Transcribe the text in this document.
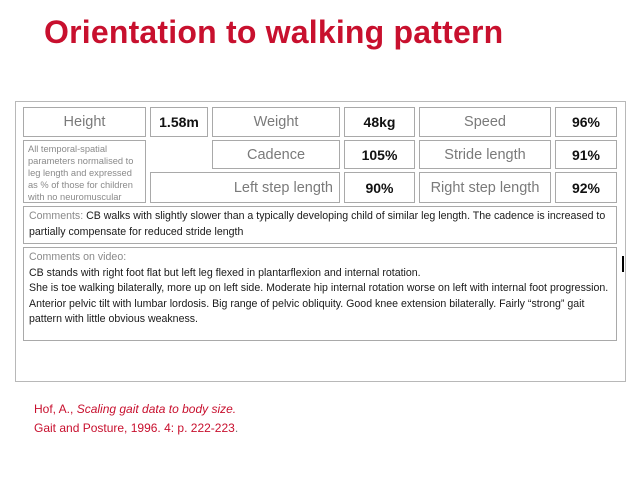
Orientation to walking pattern
Height	1.58m	Weight	48kg	Speed	96%
All temporal-spatial parameters normalised to leg length and expressed as % of those for children with no neuromuscular
Cadence	105%	Stride length	91%
Left step length	90%	Right step length	92%
Comments: CB walks with slightly slower than a typically developing child of similar leg length. The cadence is increased to partially compensate for reduced stride length
Comments on video:
CB stands with right foot flat but left leg flexed in plantarflexion and internal rotation.
She is toe walking bilaterally, more up on left side. Moderate hip internal rotation worse on left with internal foot progression. Anterior pelvic tilt with lumbar lordosis. Big range of pelvic obliquity. Good knee extension bilaterally. Fairly “strong” gait pattern with little obvious weakness.
Hof, A., Scaling gait data to body size.
Gait and Posture, 1996. 4: p. 222-223.
